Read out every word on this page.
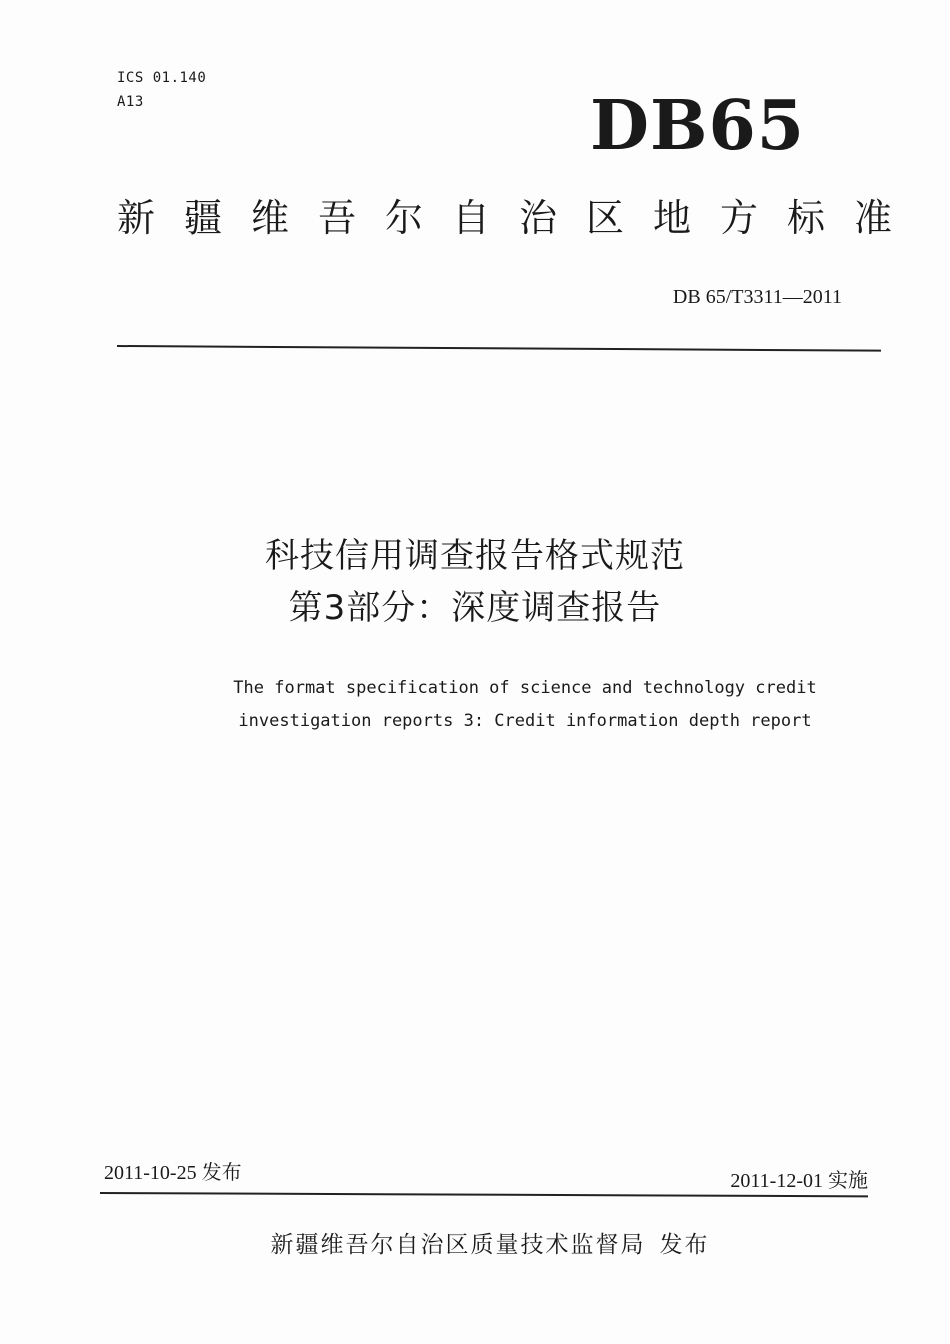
ICS 01.140
A13	DB65
新疆维吾尔自治区地方标准
DB 65/T3311—2011
科技信用调查报告格式规范
第3部分：深度调查报告
The format specification of science and technology credit
investigation reports 3: Credit information depth report
2011-10-25 发布	2011-12-01 实施
新疆维吾尔自治区质量技术监督局 发布
